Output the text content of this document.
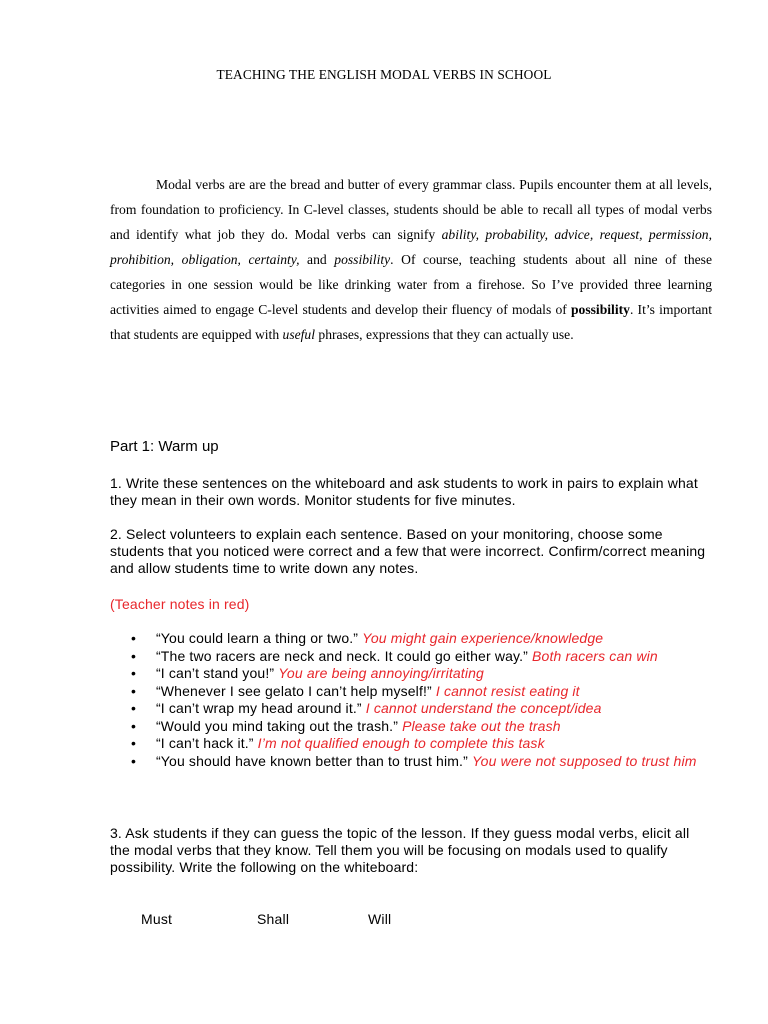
TEACHING THE ENGLISH MODAL VERBS IN SCHOOL

Modal verbs are are the bread and butter of every grammar class. Pupils encounter them at all levels, from foundation to proficiency. In C-level classes, students should be able to recall all types of modal verbs and identify what job they do. Modal verbs can signify ability, probability, advice, request, permission, prohibition, obligation, certainty, and possibility. Of course, teaching students about all nine of these categories in one session would be like drinking water from a firehose. So I’ve provided three learning activities aimed to engage C-level students and develop their fluency of modals of possibility. It’s important that students are equipped with useful phrases, expressions that they can actually use.

Part 1: Warm up
1. Write these sentences on the whiteboard and ask students to work in pairs to explain what they mean in their own words. Monitor students for five minutes.
2. Select volunteers to explain each sentence. Based on your monitoring, choose some students that you noticed were correct and a few that were incorrect. Confirm/correct meaning and allow students time to write down any notes.
(Teacher notes in red)
• “You could learn a thing or two.” You might gain experience/knowledge
• “The two racers are neck and neck. It could go either way.” Both racers can win
• “I can’t stand you!” You are being annoying/irritating
• “Whenever I see gelato I can’t help myself!” I cannot resist eating it
• “I can’t wrap my head around it.” I cannot understand the concept/idea
• “Would you mind taking out the trash.” Please take out the trash
• “I can’t hack it.” I’m not qualified enough to complete this task
• “You should have known better than to trust him.” You were not supposed to trust him
3. Ask students if they can guess the topic of the lesson. If they guess modal verbs, elicit all the modal verbs that they know. Tell them you will be focusing on modals used to qualify possibility. Write the following on the whiteboard:
Must	Shall	Will
